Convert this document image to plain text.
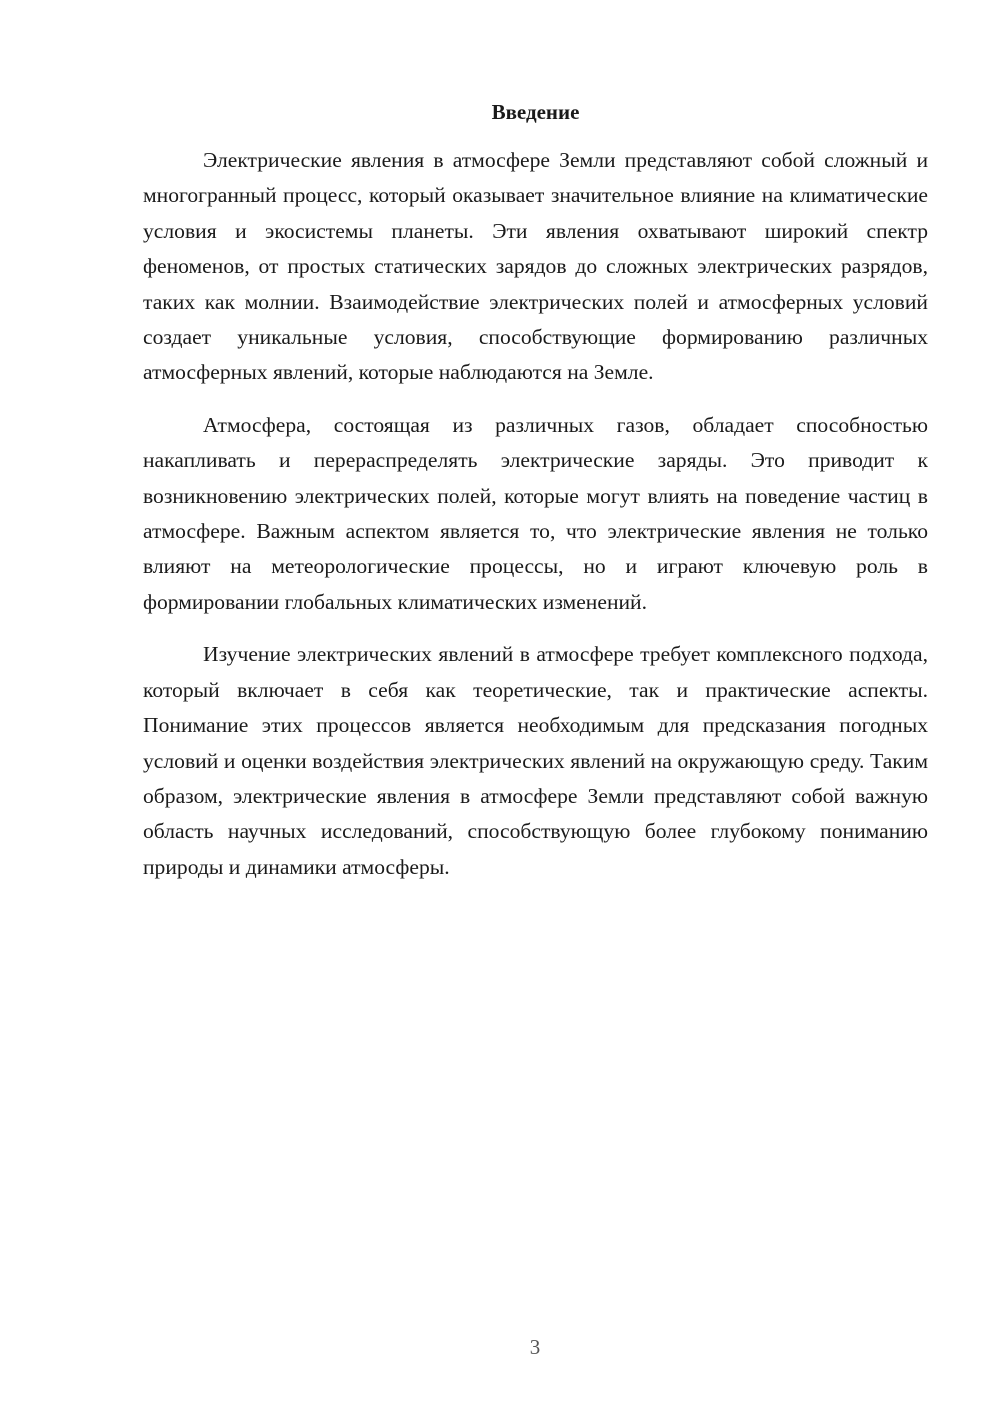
Введение

Электрические явления в атмосфере Земли представляют собой сложный и многогранный процесс, который оказывает значительное влияние на климатические условия и экосистемы планеты. Эти явления охватывают широкий спектр феноменов, от простых статических зарядов до сложных электрических разрядов, таких как молнии. Взаимодействие электрических полей и атмосферных условий создает уникальные условия, способствующие формированию различных атмосферных явлений, которые наблюдаются на Земле.

Атмосфера, состоящая из различных газов, обладает способностью накапливать и перераспределять электрические заряды. Это приводит к возникновению электрических полей, которые могут влиять на поведение частиц в атмосфере. Важным аспектом является то, что электрические явления не только влияют на метеорологические процессы, но и играют ключевую роль в формировании глобальных климатических изменений.

Изучение электрических явлений в атмосфере требует комплексного подхода, который включает в себя как теоретические, так и практические аспекты. Понимание этих процессов является необходимым для предсказания погодных условий и оценки воздействия электрических явлений на окружающую среду. Таким образом, электрические явления в атмосфере Земли представляют собой важную область научных исследований, способствующую более глубокому пониманию природы и динамики атмосферы.

3
